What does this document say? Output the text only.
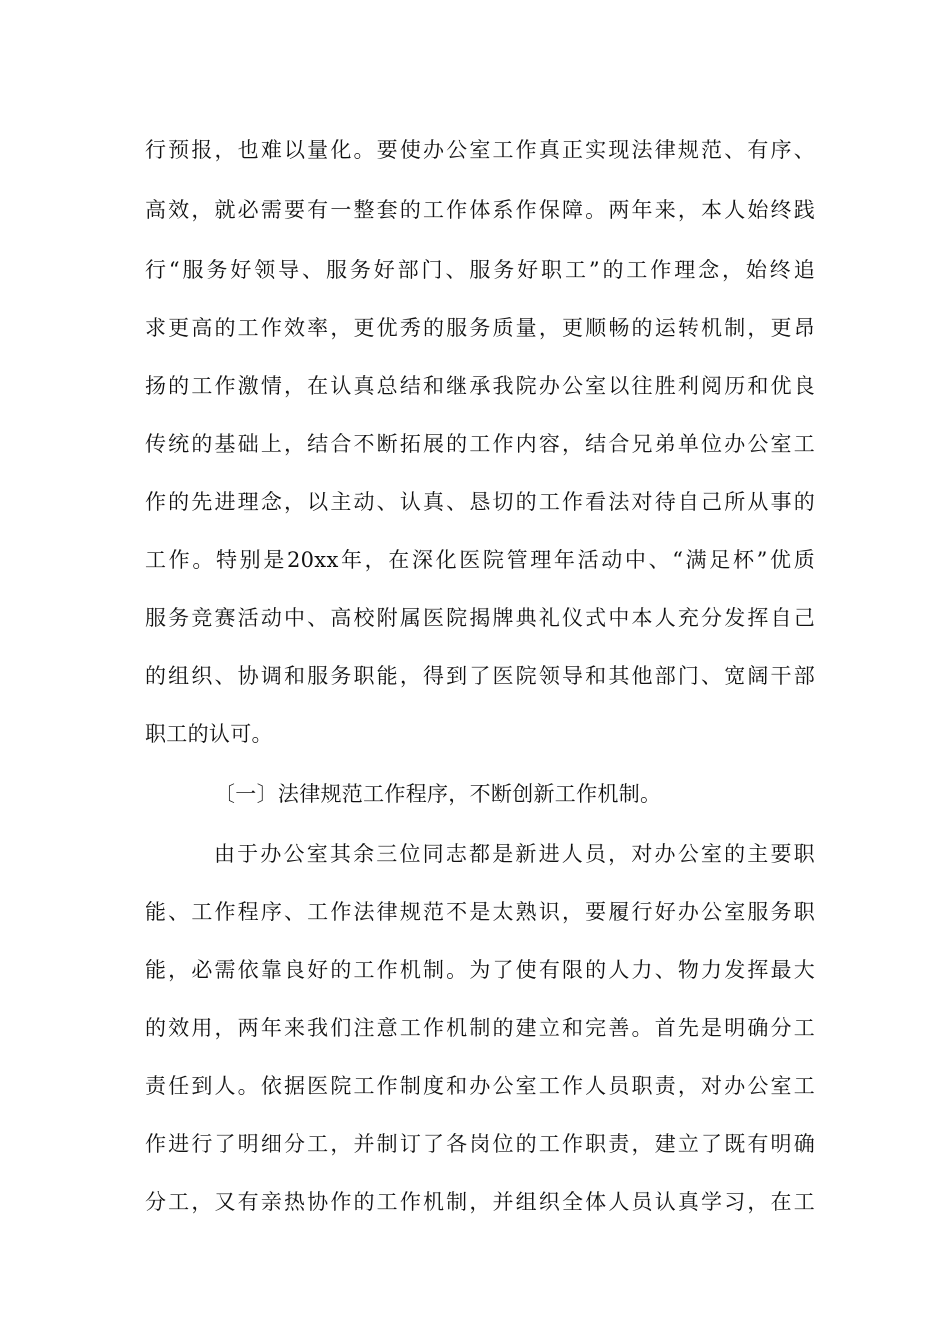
行预报，也难以量化。要使办公室工作真正实现法律规范、有序、
高效，就必需要有一整套的工作体系作保障。两年来，本人始终践
行“服务好领导、服务好部门、服务好职工”的工作理念，始终追
求更高的工作效率，更优秀的服务质量，更顺畅的运转机制，更昂
扬的工作激情，在认真总结和继承我院办公室以往胜利阅历和优良
传统的基础上，结合不断拓展的工作内容，结合兄弟单位办公室工
作的先进理念，以主动、认真、恳切的工作看法对待自己所从事的
工作。特别是20xx年，在深化医院管理年活动中、“满足杯”优质
服务竞赛活动中、高校附属医院揭牌典礼仪式中本人充分发挥自己
的组织、协调和服务职能，得到了医院领导和其他部门、宽阔干部
职工的认可。
〔一〕法律规范工作程序，不断创新工作机制。
由于办公室其余三位同志都是新进人员，对办公室的主要职
能、工作程序、工作法律规范不是太熟识，要履行好办公室服务职
能，必需依靠良好的工作机制。为了使有限的人力、物力发挥最大
的效用，两年来我们注意工作机制的建立和完善。首先是明确分工
责任到人。依据医院工作制度和办公室工作人员职责，对办公室工
作进行了明细分工，并制订了各岗位的工作职责，建立了既有明确
分工，又有亲热协作的工作机制，并组织全体人员认真学习，在工
